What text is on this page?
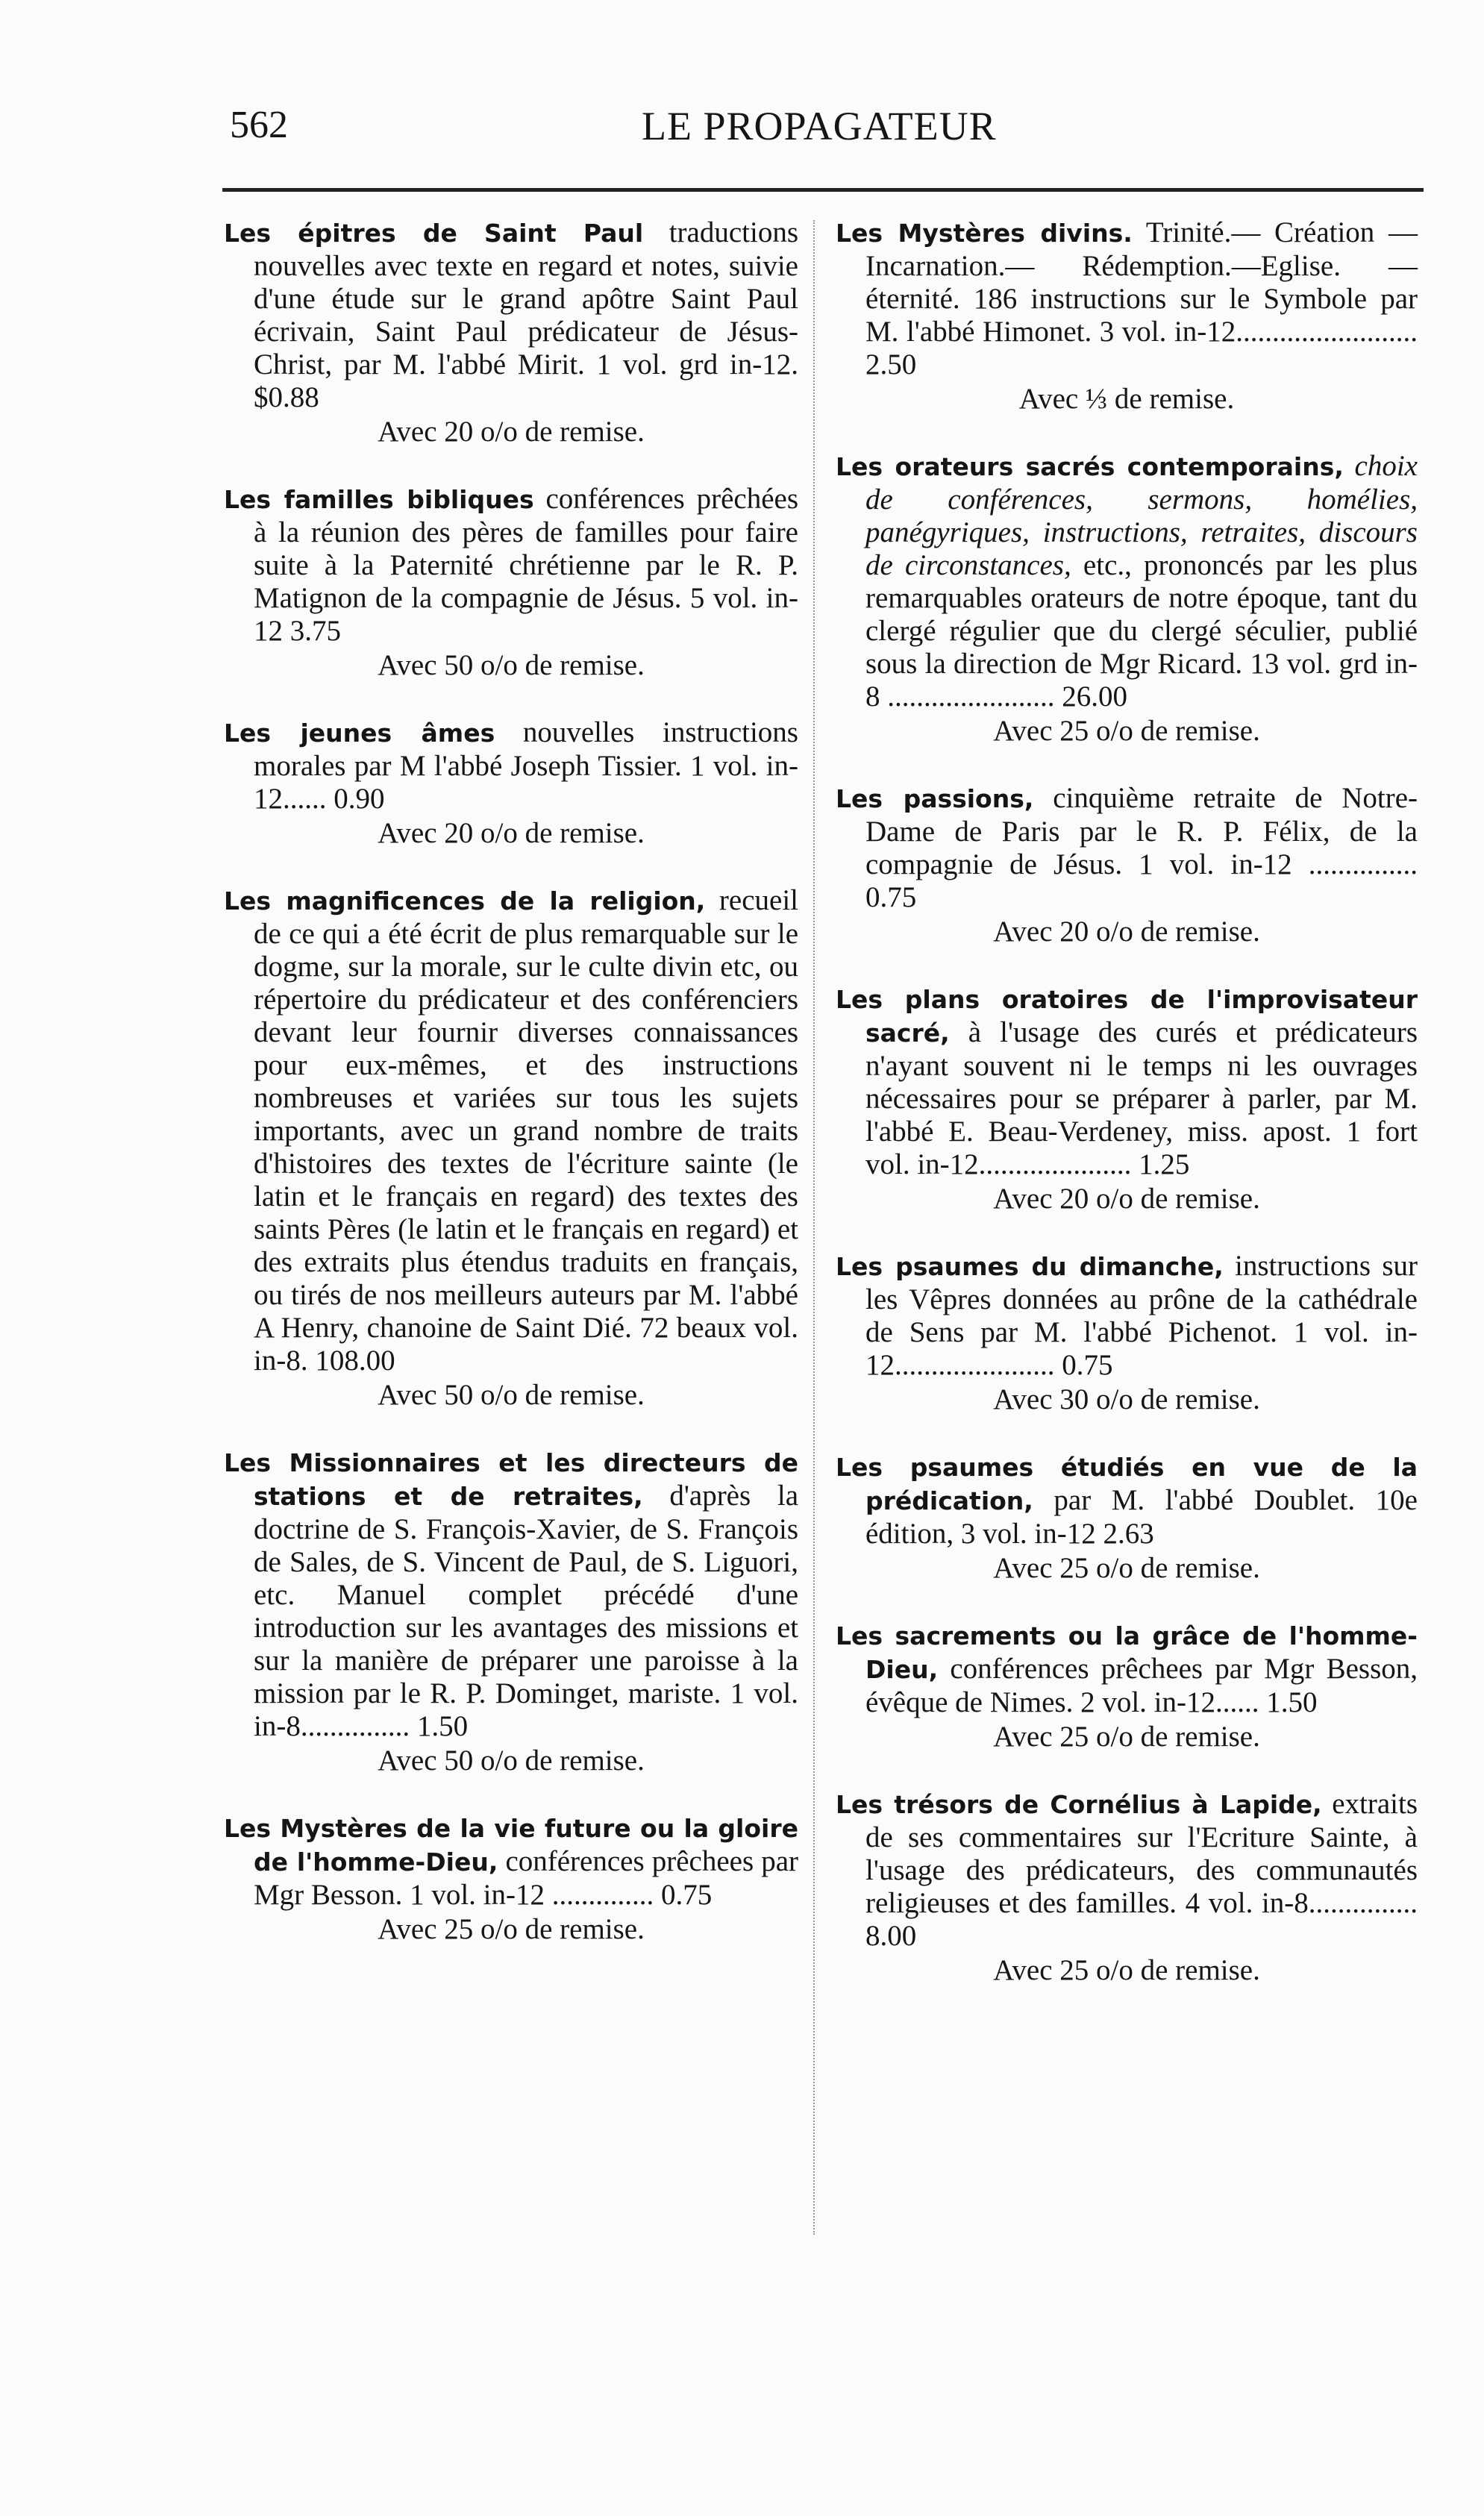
562	LE PROPAGATEUR

Les épitres de Saint Paul traductions nouvelles avec texte en regard et notes, suivie d'une étude sur le grand apôtre Saint Paul écrivain, Saint Paul prédicateur de Jésus-Christ, par M. l'abbé Mirit. 1 vol. grd in-12. $0.88

Avec 20 o/o de remise.

Les familles bibliques conférences prêchées à la réunion des pères de familles pour faire suite à la Paternité chrétienne par le R. P. Matignon de la compagnie de Jésus. 5 vol. in-12 3.75

Avec 50 o/o de remise.

Les jeunes âmes nouvelles instructions morales par M l'abbé Joseph Tissier. 1 vol. in-12...... 0.90

Avec 20 o/o de remise.

Les magnificences de la religion, recueil de ce qui a été écrit de plus remarquable sur le dogme, sur la morale, sur le culte divin etc, ou répertoire du prédicateur et des conférenciers devant leur fournir diverses connaissances pour eux-mêmes, et des instructions nombreuses et variées sur tous les sujets importants, avec un grand nombre de traits d'histoires des textes de l'écriture sainte (le latin et le français en regard) des textes des saints Pères (le latin et le français en regard) et des extraits plus étendus traduits en français, ou tirés de nos meilleurs auteurs par M. l'abbé A Henry, chanoine de Saint Dié. 72 beaux vol. in-8. 108.00

Avec 50 o/o de remise.

Les Missionnaires et les directeurs de stations et de retraites, d'après la doctrine de S. François-Xavier, de S. François de Sales, de S. Vincent de Paul, de S. Liguori, etc. Manuel complet précédé d'une introduction sur les avantages des missions et sur la manière de préparer une paroisse à la mission par le R. P. Dominget, mariste. 1 vol. in-8............... 1.50

Avec 50 o/o de remise.

Les Mystères de la vie future ou la gloire de l'homme-Dieu, conférences prêchees par Mgr Besson. 1 vol. in-12 .............. 0.75

Avec 25 o/o de remise.

Les Mystères divins. Trinité.— Création — Incarnation.— Rédemption.—Eglise. — éternité. 186 instructions sur le Symbole par M. l'abbé Himonet. 3 vol. in-12......................... 2.50

Avec ⅓ de remise.

Les orateurs sacrés contemporains, choix de conférences, sermons, homélies, panégyriques, instructions, retraites, discours de circonstances, etc., prononcés par les plus remarquables orateurs de notre époque, tant du clergé régulier que du clergé séculier, publié sous la direction de Mgr Ricard. 13 vol. grd in-8 ....................... 26.00

Avec 25 o/o de remise.

Les passions, cinquième retraite de Notre-Dame de Paris par le R. P. Félix, de la compagnie de Jésus. 1 vol. in-12 ............... 0.75

Avec 20 o/o de remise.

Les plans oratoires de l'improvisateur sacré, à l'usage des curés et prédicateurs n'ayant souvent ni le temps ni les ouvrages nécessaires pour se préparer à parler, par M. l'abbé E. Beau-Verdeney, miss. apost. 1 fort vol. in-12..................... 1.25

Avec 20 o/o de remise.

Les psaumes du dimanche, instructions sur les Vêpres données au prône de la cathédrale de Sens par M. l'abbé Pichenot. 1 vol. in-12...................... 0.75

Avec 30 o/o de remise.

Les psaumes étudiés en vue de la prédication, par M. l'abbé Doublet. 10e édition, 3 vol. in-12 2.63

Avec 25 o/o de remise.

Les sacrements ou la grâce de l'homme-Dieu, conférences prêchees par Mgr Besson, évêque de Nimes. 2 vol. in-12...... 1.50

Avec 25 o/o de remise.

Les trésors de Cornélius à Lapide, extraits de ses commentaires sur l'Ecriture Sainte, à l'usage des prédicateurs, des communautés religieuses et des familles. 4 vol. in-8............... 8.00

Avec 25 o/o de remise.
